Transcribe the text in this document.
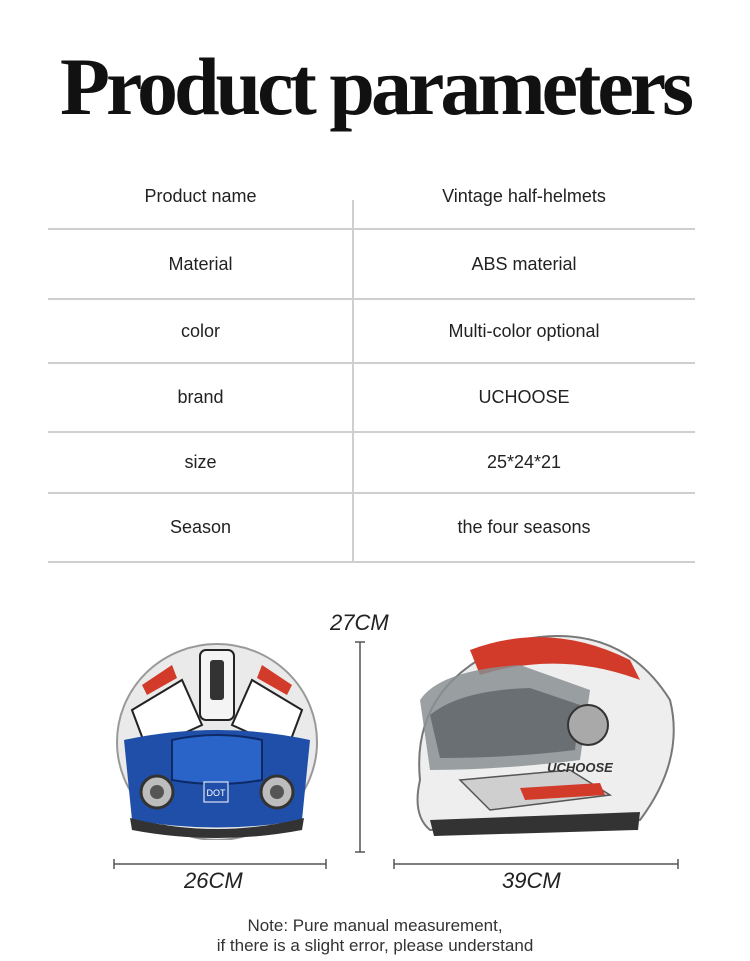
Product parameters
Product name	Vintage half-helmets
Material	ABS material
color	Multi-color optional
brand	UCHOOSE
size	25*24*21
Season	the four seasons
27CM
DOT
UCHOOSE
26CM	39CM
Note: Pure manual measurement,
if there is a slight error, please understand
